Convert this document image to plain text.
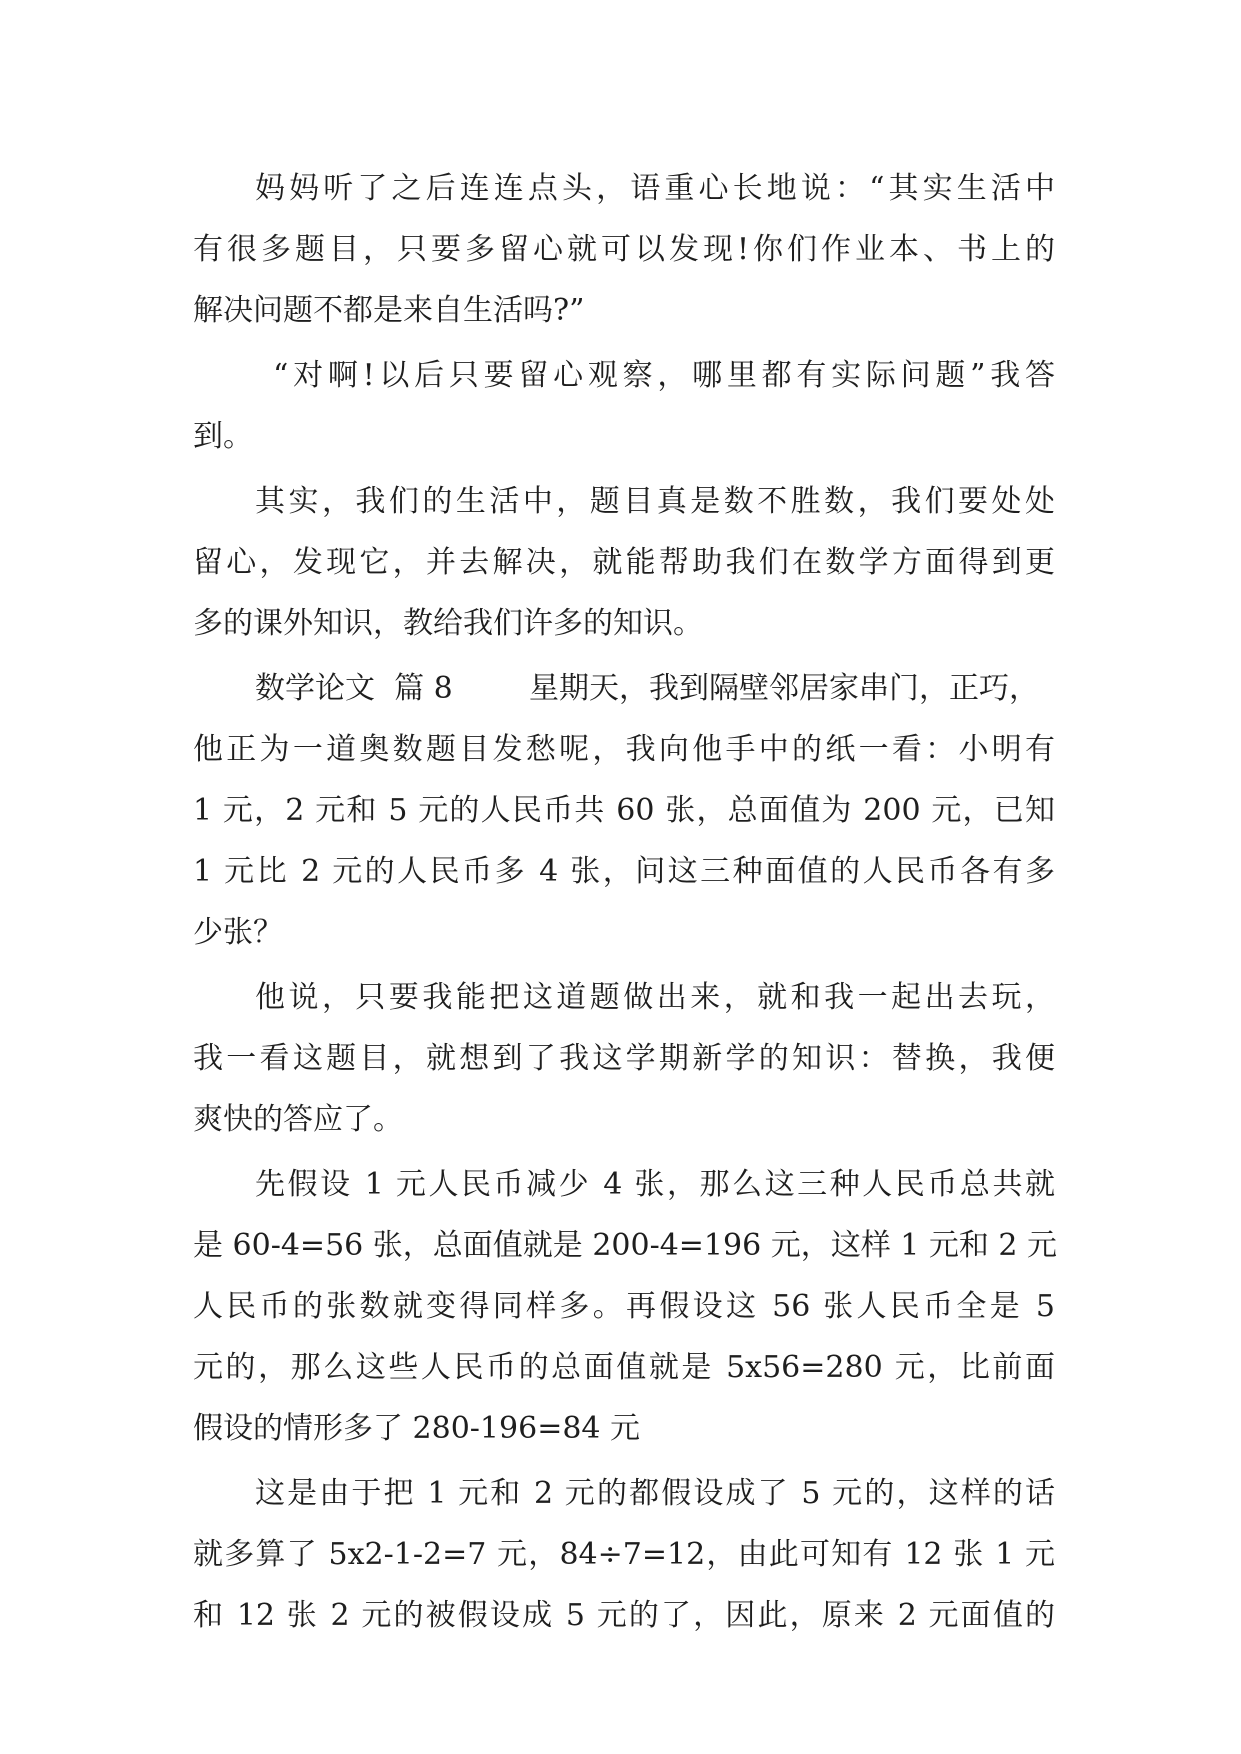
妈妈听了之后连连点头，语重心长地说：“其实生活中
有很多题目，只要多留心就可以发现!你们作业本、书上的
解决问题不都是来自生活吗?”
“对啊!以后只要留心观察，哪里都有实际问题”我答
到。
其实，我们的生活中，题目真是数不胜数，我们要处处
留心，发现它，并去解决，就能帮助我们在数学方面得到更
多的课外知识，教给我们许多的知识。
数学论文  篇 8        星期天，我到隔壁邻居家串门，正巧，
他正为一道奥数题目发愁呢，我向他手中的纸一看：小明有
1 元，2 元和 5 元的人民币共 60 张，总面值为 200 元，已知
1 元比 2 元的人民币多 4 张，问这三种面值的人民币各有多
少张？
他说，只要我能把这道题做出来，就和我一起出去玩，
我一看这题目，就想到了我这学期新学的知识：替换，我便
爽快的答应了。
先假设 1 元人民币减少 4 张，那么这三种人民币总共就
是 60-4=56 张，总面值就是 200-4=196 元，这样 1 元和 2 元
人民币的张数就变得同样多。再假设这 56 张人民币全是 5
元的，那么这些人民币的总面值就是 5x56=280 元，比前面
假设的情形多了 280-196=84 元
这是由于把 1 元和 2 元的都假设成了 5 元的，这样的话
就多算了 5x2-1-2=7 元，84÷7=12，由此可知有 12 张 1 元
和 12 张 2 元的被假设成 5 元的了，因此，原来 2 元面值的
